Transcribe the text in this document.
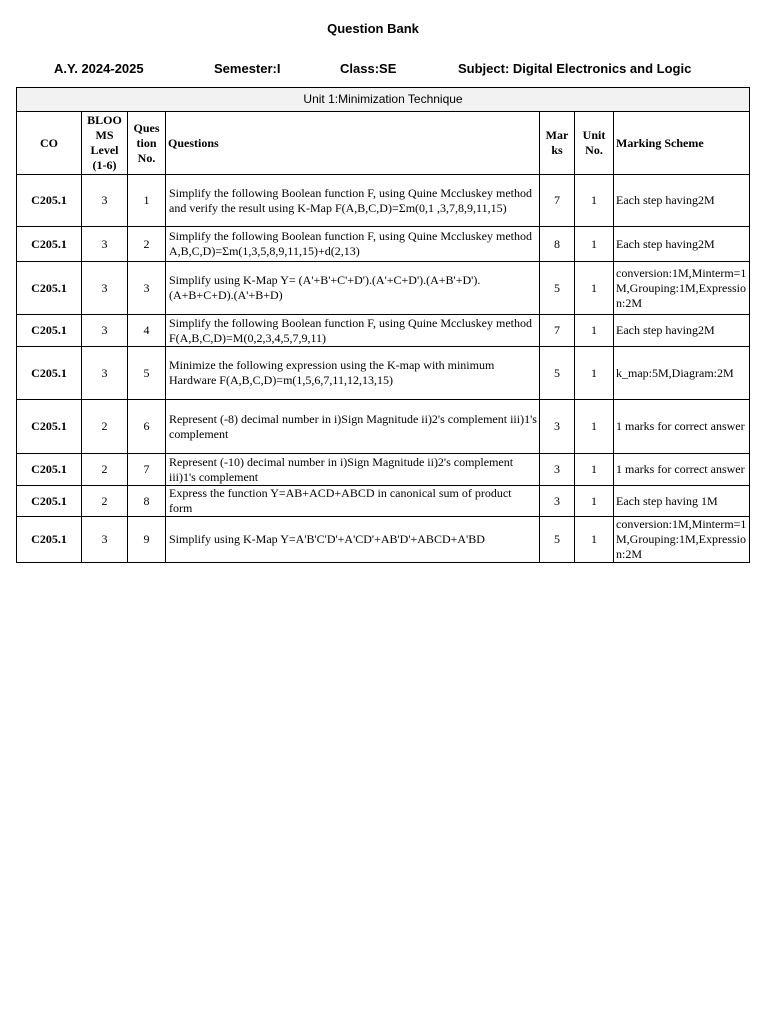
Question Bank
A.Y. 2024-2025	Semester:I	Class:SE	Subject: Digital Electronics and Logic
Unit 1:Minimization Technique						
CO	BLOO MS Level (1-6)	Ques tion No.	Questions	Mar ks	Unit No.	Marking Scheme
C205.1	3	1	Simplify the following Boolean function F, using Quine Mccluskey method and verify the result using K-Map F(A,B,C,D)=Σm(0,1 ,3,7,8,9,11,15)	7	1	Each step having2M
C205.1	3	2	Simplify the following Boolean function F, using Quine Mccluskey method A,B,C,D)=Σm(1,3,5,8,9,11,15)+d(2,13)	8	1	Each step having2M
C205.1	3	3	Simplify using K-Map Y= (A'+B'+C'+D').(A'+C+D').(A+B'+D').(A+B+C+D).(A'+B+D)	5	1	conversion:1M,Minterm=1M,Grouping:1M,Expression:2M
C205.1	3	4	Simplify the following Boolean function F, using Quine Mccluskey method F(A,B,C,D)=M(0,2,3,4,5,7,9,11)	7	1	Each step having2M
C205.1	3	5	Minimize the following expression using the K-map with minimum Hardware F(A,B,C,D)=m(1,5,6,7,11,12,13,15)	5	1	k_map:5M,Diagram:2M
C205.1	2	6	Represent (-8) decimal number in i)Sign Magnitude ii)2's complement iii)1's complement	3	1	1 marks for correct answer
C205.1	2	7	Represent (-10) decimal number in i)Sign Magnitude ii)2's complement iii)1's complement	3	1	1 marks for correct answer
C205.1	2	8	Express the function Y=AB+ACD+ABCD in canonical sum of product form	3	1	Each step having 1M
C205.1	3	9	Simplify using K-Map Y=A'B'C'D'+A'CD'+AB'D'+ABCD+A'BD	5	1	conversion:1M,Minterm=1M,Grouping:1M,Expression:2M
